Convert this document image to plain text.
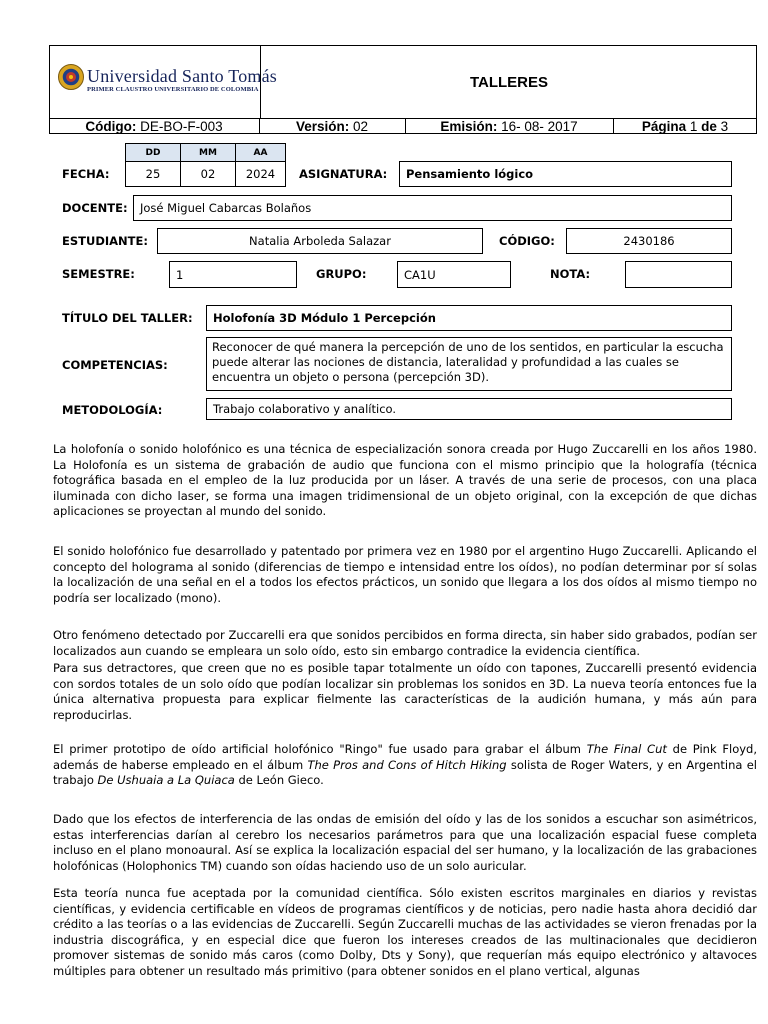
Universidad Santo Tomás
PRIMER CLAUSTRO UNIVERSITARIO DE COLOMBIA	TALLERES
Código: DE-BO-F-003	Versión: 02	Emisión: 16- 08- 2017	Página 1 de 3
DD	MM	AA
FECHA:	25	02	2024	ASIGNATURA:	Pensamiento lógico
DOCENTE:	José Miguel Cabarcas Bolaños
ESTUDIANTE:	Natalia Arboleda Salazar	CÓDIGO:	2430186
SEMESTRE:	1	GRUPO:	CA1U	NOTA:
TÍTULO DEL TALLER:	Holofonía 3D Módulo 1 Percepción
COMPETENCIAS:
Reconocer de qué manera la percepción de uno de los sentidos, en particular la escucha puede alterar las nociones de distancia, lateralidad y profundidad a las cuales se encuentra un objeto o persona (percepción 3D).
METODOLOGÍA:	Trabajo colaborativo y analítico.

La holofonía o sonido holofónico es una técnica de especialización sonora creada por Hugo Zuccarelli en los años 1980. La Holofonía es un sistema de grabación de audio que funciona con el mismo principio que la holografía (técnica fotográfica basada en el empleo de la luz producida por un láser. A través de una serie de procesos, con una placa iluminada con dicho laser, se forma una imagen tridimensional de un objeto original, con la excepción de que dichas aplicaciones se proyectan al mundo del sonido.

El sonido holofónico fue desarrollado y patentado por primera vez en 1980 por el argentino Hugo Zuccarelli. Aplicando el concepto del holograma al sonido (diferencias de tiempo e intensidad entre los oídos), no podían determinar por sí solas la localización de una señal en el a todos los efectos prácticos, un sonido que llegara a los dos oídos al mismo tiempo no podría ser localizado (mono).

Otro fenómeno detectado por Zuccarelli era que sonidos percibidos en forma directa, sin haber sido grabados, podían ser localizados aun cuando se empleara un solo oído, esto sin embargo contradice la evidencia científica.

Para sus detractores, que creen que no es posible tapar totalmente un oído con tapones, Zuccarelli presentó evidencia con sordos totales de un solo oído que podían localizar sin problemas los sonidos en 3D. La nueva teoría entonces fue la única alternativa propuesta para explicar fielmente las características de la audición humana, y más aún para reproducirlas.

El primer prototipo de oído artificial holofónico "Ringo" fue usado para grabar el álbum The Final Cut de Pink Floyd, además de haberse empleado en el álbum The Pros and Cons of Hitch Hiking solista de Roger Waters, y en Argentina el trabajo De Ushuaia a La Quiaca de León Gieco.

Dado que los efectos de interferencia de las ondas de emisión del oído y las de los sonidos a escuchar son asimétricos, estas interferencias darían al cerebro los necesarios parámetros para que una localización espacial fuese completa incluso en el plano monoaural. Así se explica la localización espacial del ser humano, y la localización de las grabaciones holofónicas (Holophonics TM) cuando son oídas haciendo uso de un solo auricular.

Esta teoría nunca fue aceptada por la comunidad científica. Sólo existen escritos marginales en diarios y revistas científicas, y evidencia certificable en vídeos de programas científicos y de noticias, pero nadie hasta ahora decidió dar crédito a las teorías o a las evidencias de Zuccarelli. Según Zuccarelli muchas de las actividades se vieron frenadas por la industria discográfica, y en especial dice que fueron los intereses creados de las multinacionales que decidieron promover sistemas de sonido más caros (como Dolby, Dts y Sony), que requerían más equipo electrónico y altavoces múltiples para obtener un resultado más primitivo (para obtener sonidos en el plano vertical, algunas
